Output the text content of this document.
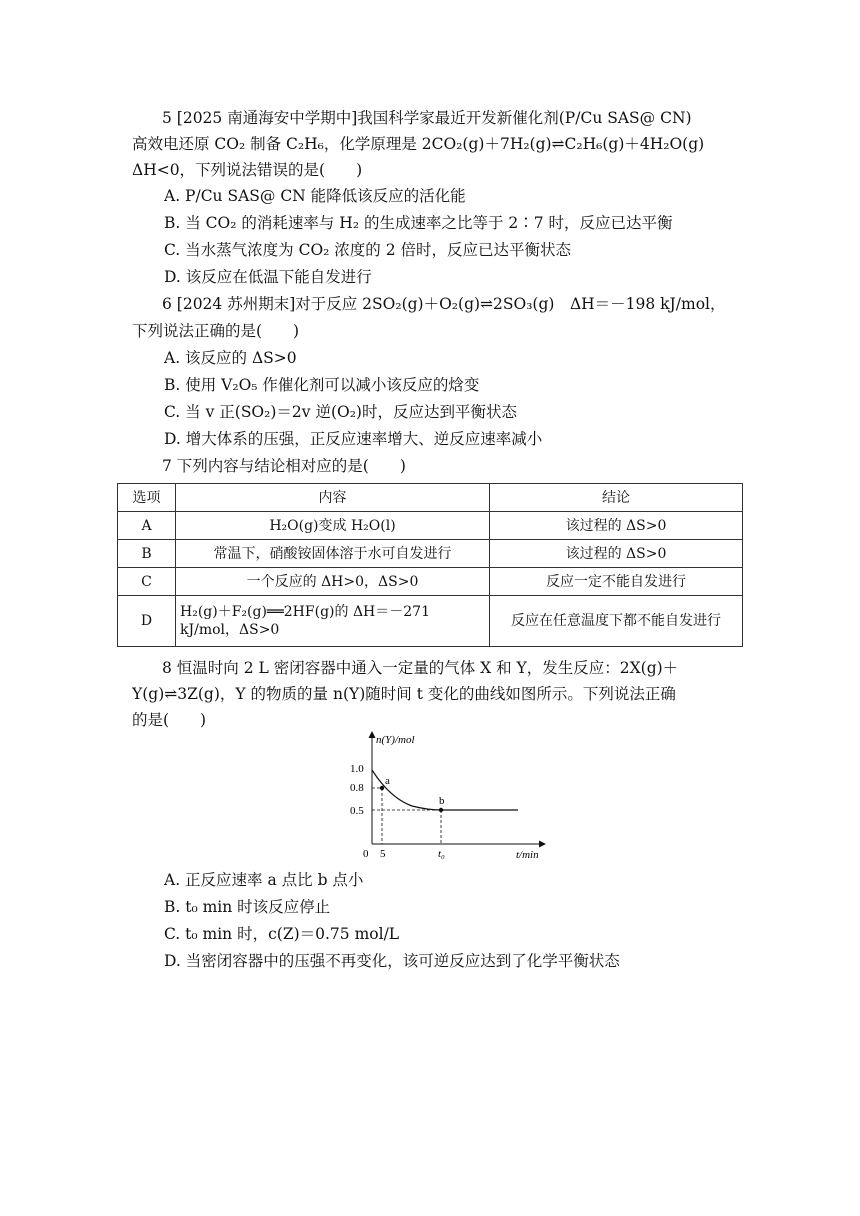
5 [2025 南通海安中学期中]我国科学家最近开发新催化剂(P/Cu SAS@ CN)
高效电还原 CO₂ 制备 C₂H₆，化学原理是 2CO₂(g)＋7H₂(g)⇌C₂H₆(g)＋4H₂O(g)
ΔH<0，下列说法错误的是(　　)
A. P/Cu SAS@ CN 能降低该反应的活化能
B. 当 CO₂ 的消耗速率与 H₂ 的生成速率之比等于 2∶7 时，反应已达平衡
C. 当水蒸气浓度为 CO₂ 浓度的 2 倍时，反应已达平衡状态
D. 该反应在低温下能自发进行
6 [2024 苏州期末]对于反应 2SO₂(g)＋O₂(g)⇌2SO₃(g)　ΔH＝－198 kJ/mol，
下列说法正确的是(　　)
A. 该反应的 ΔS>0
B. 使用 V₂O₅ 作催化剂可以减小该反应的焓变
C. 当 v 正(SO₂)＝2v 逆(O₂)时，反应达到平衡状态
D. 增大体系的压强，正反应速率增大、逆反应速率减小
7 下列内容与结论相对应的是(　　)
选项	内容	结论
A	H₂O(g)变成 H₂O(l)	该过程的 ΔS>0
B	常温下，硝酸铵固体溶于水可自发进行	该过程的 ΔS>0
C	一个反应的 ΔH>0，ΔS>0	反应一定不能自发进行
D	H₂(g)＋F₂(g)══2HF(g)的 ΔH＝－271 kJ/mol，ΔS>0	反应在任意温度下都不能自发进行
8 恒温时向 2 L 密闭容器中通入一定量的气体 X 和 Y，发生反应：2X(g)＋
Y(g)⇌3Z(g)，Y 的物质的量 n(Y)随时间 t 变化的曲线如图所示。下列说法正确
的是(　　)
n(Y)/mol
t/min
1.0
0.8
0.5
0 5	t₀
a
b
A. 正反应速率 a 点比 b 点小
B. t₀ min 时该反应停止
C. t₀ min 时，c(Z)＝0.75 mol/L
D. 当密闭容器中的压强不再变化，该可逆反应达到了化学平衡状态
